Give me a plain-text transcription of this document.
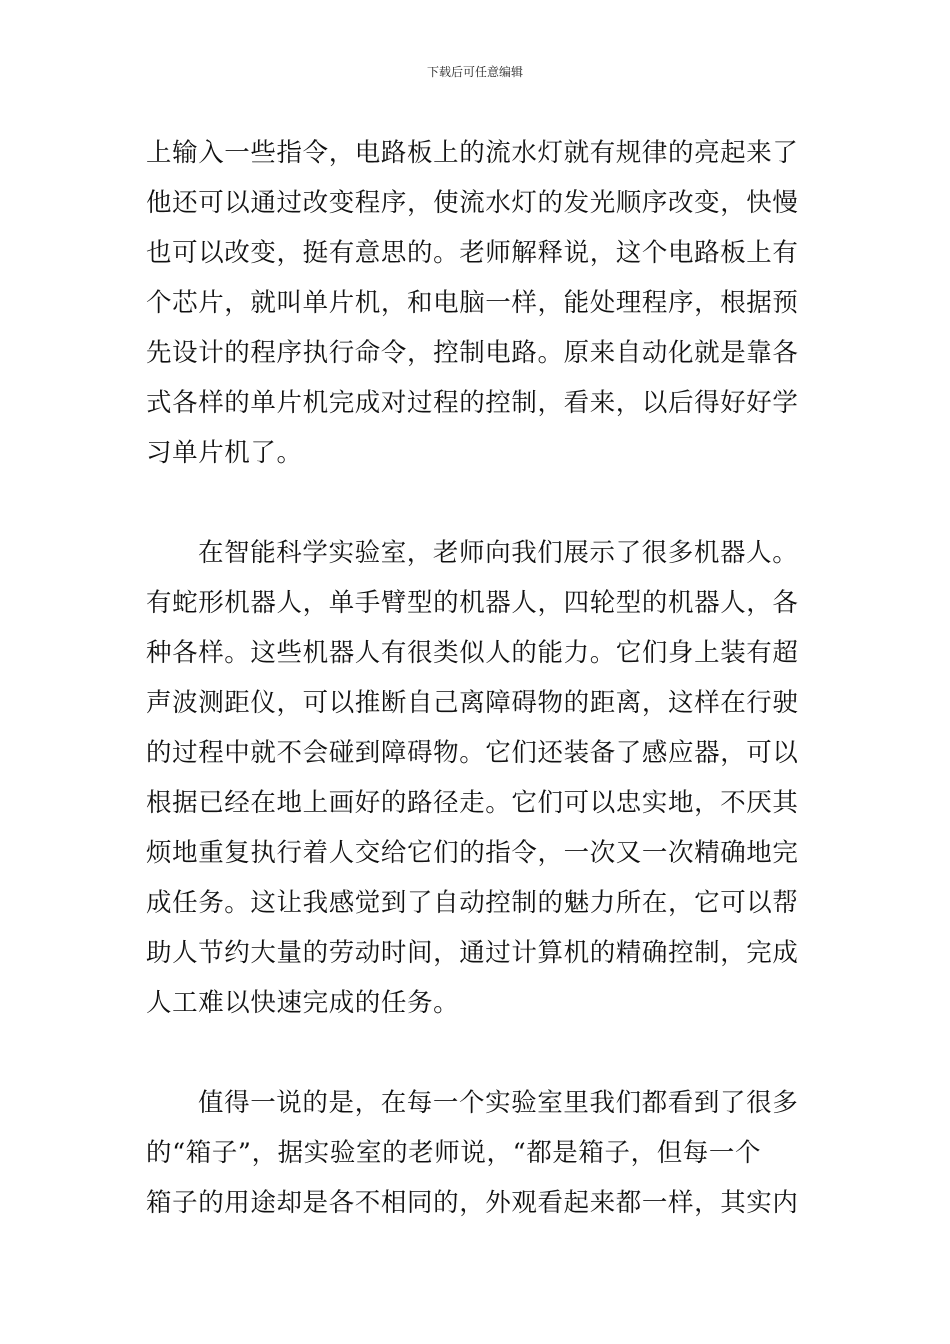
下载后可任意编辑
上输入一些指令，电路板上的流水灯就有规律的亮起来了
他还可以通过改变程序，使流水灯的发光顺序改变，快慢
也可以改变，挺有意思的。老师解释说，这个电路板上有
个芯片，就叫单片机，和电脑一样，能处理程序，根据预
先设计的程序执行命令，控制电路。原来自动化就是靠各
式各样的单片机完成对过程的控制，看来，以后得好好学
习单片机了。
在智能科学实验室，老师向我们展示了很多机器人。
有蛇形机器人，单手臂型的机器人，四轮型的机器人，各
种各样。这些机器人有很类似人的能力。它们身上装有超
声波测距仪，可以推断自己离障碍物的距离，这样在行驶
的过程中就不会碰到障碍物。它们还装备了感应器，可以
根据已经在地上画好的路径走。它们可以忠实地，不厌其
烦地重复执行着人交给它们的指令，一次又一次精确地完
成任务。这让我感觉到了自动控制的魅力所在，它可以帮
助人节约大量的劳动时间，通过计算机的精确控制，完成
人工难以快速完成的任务。
值得一说的是，在每一个实验室里我们都看到了很多
的“箱子”，据实验室的老师说，“都是箱子，但每一个
箱子的用途却是各不相同的，外观看起来都一样，其实内
